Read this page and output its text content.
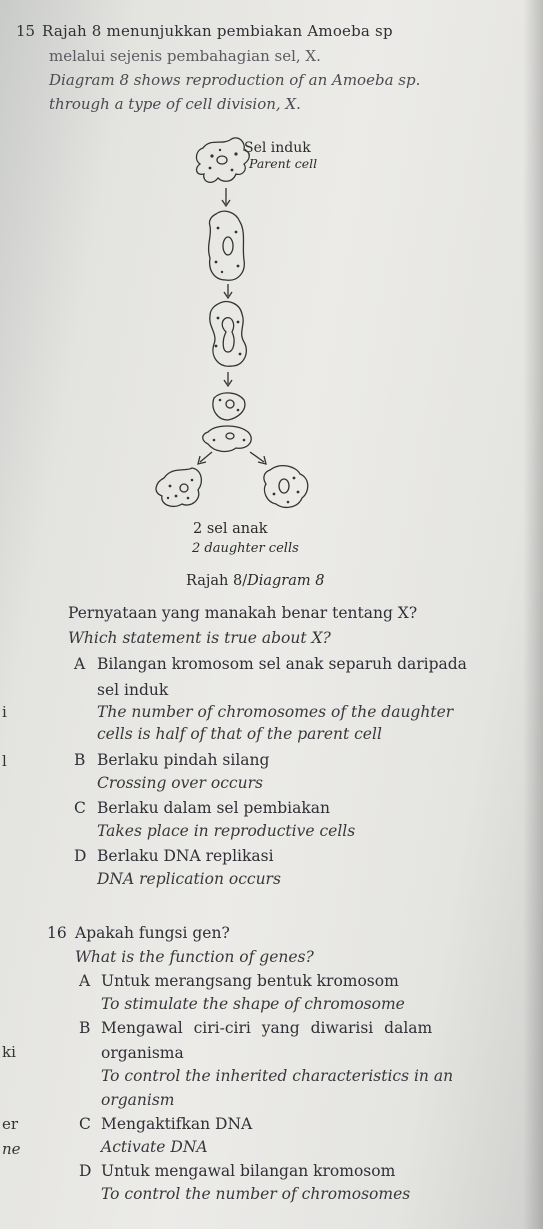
15 Rajah 8 menunjukkan pembiakan Amoeba sp
melalui sejenis pembahagian sel, X.
Diagram 8 shows reproduction of an Amoeba sp.
through a type of cell division, X.
Sel induk
Parent cell
2 sel anak
2 daughter cells
Rajah 8/Diagram 8
Pernyataan yang manakah benar tentang X?
Which statement is true about X?
A Bilangan kromosom sel anak separuh daripada
sel induk
The number of chromosomes of the daughter
cells is half of that of the parent cell
B Berlaku pindah silang
Crossing over occurs
C Berlaku dalam sel pembiakan
Takes place in reproductive cells
D Berlaku DNA replikasi
DNA replication occurs
16 Apakah fungsi gen?
What is the function of genes?
A Untuk merangsang bentuk kromosom
To stimulate the shape of chromosome
B Mengawal ciri-ciri yang diwarisi dalam
organisma
To control the inherited characteristics in an
organism
C Mengaktifkan DNA
Activate DNA
D Untuk mengawal bilangan kromosom
To control the number of chromosomes
i
l
ki
er
ne
